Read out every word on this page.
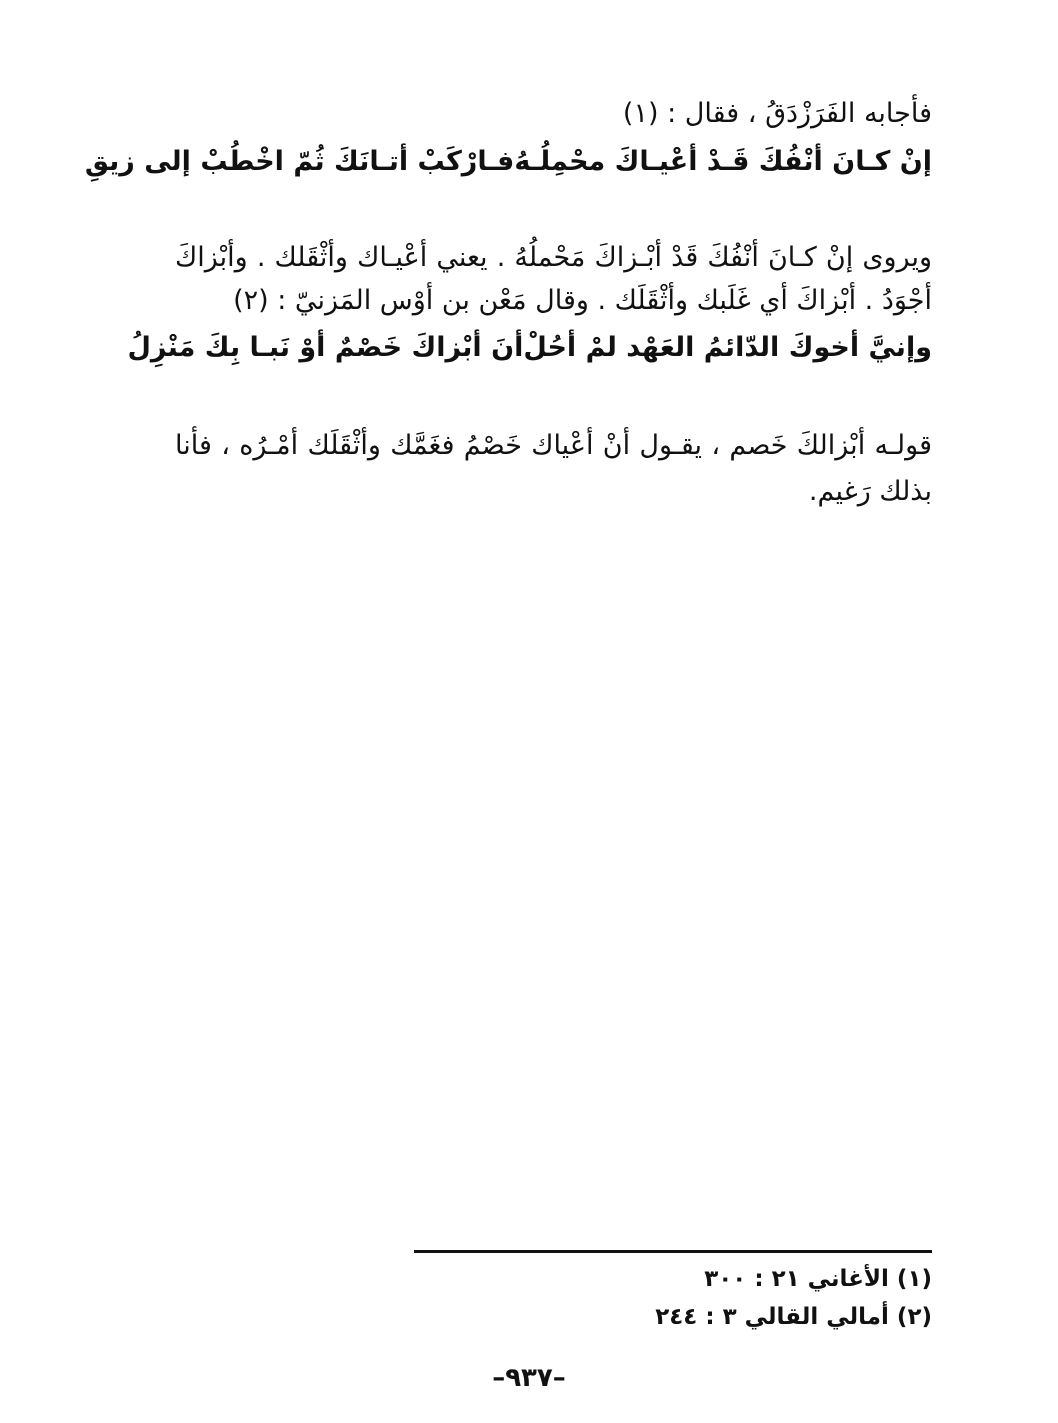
فأجابه الفَرَزْدَقُ ، فقال : (١)
إنْ كـانَ أنْفُكَ قَـدْ أعْيـاكَ محْمِلُـهُ
فـارْكَبْ أتـانَكَ ثُمّ اخْطُبْ إلى زيقِ
ويروى إنْ كـانَ أنْفُكَ قَدْ أبْـزاكَ مَحْملُهُ . يعني أعْيـاك وأثْقَلك . وأبْزاكَ
أجْوَدُ . أبْزاكَ أي غَلَبك وأثْقَلَك . وقال مَعْن بن أوْس المَزنيّ : (٢)
وإنيَّ أخوكَ الدّائمُ العَهْد لمْ أحُلْ
أنَ أبْزاكَ خَصْمٌ أوْ نَبـا بِكَ مَنْزِلُ
قولـه أبْزالكَ خَصم ، يقـول أنْ أعْياك خَصْمُ فغَمَّك وأثْقَلَك أمْـرُه ، فأنا
بذلك رَغيم.
(١) الأغاني ٢١ : ٣٠٠
(٢) أمالي القالي ٣ : ٢٤٤
–٩٣٧–
